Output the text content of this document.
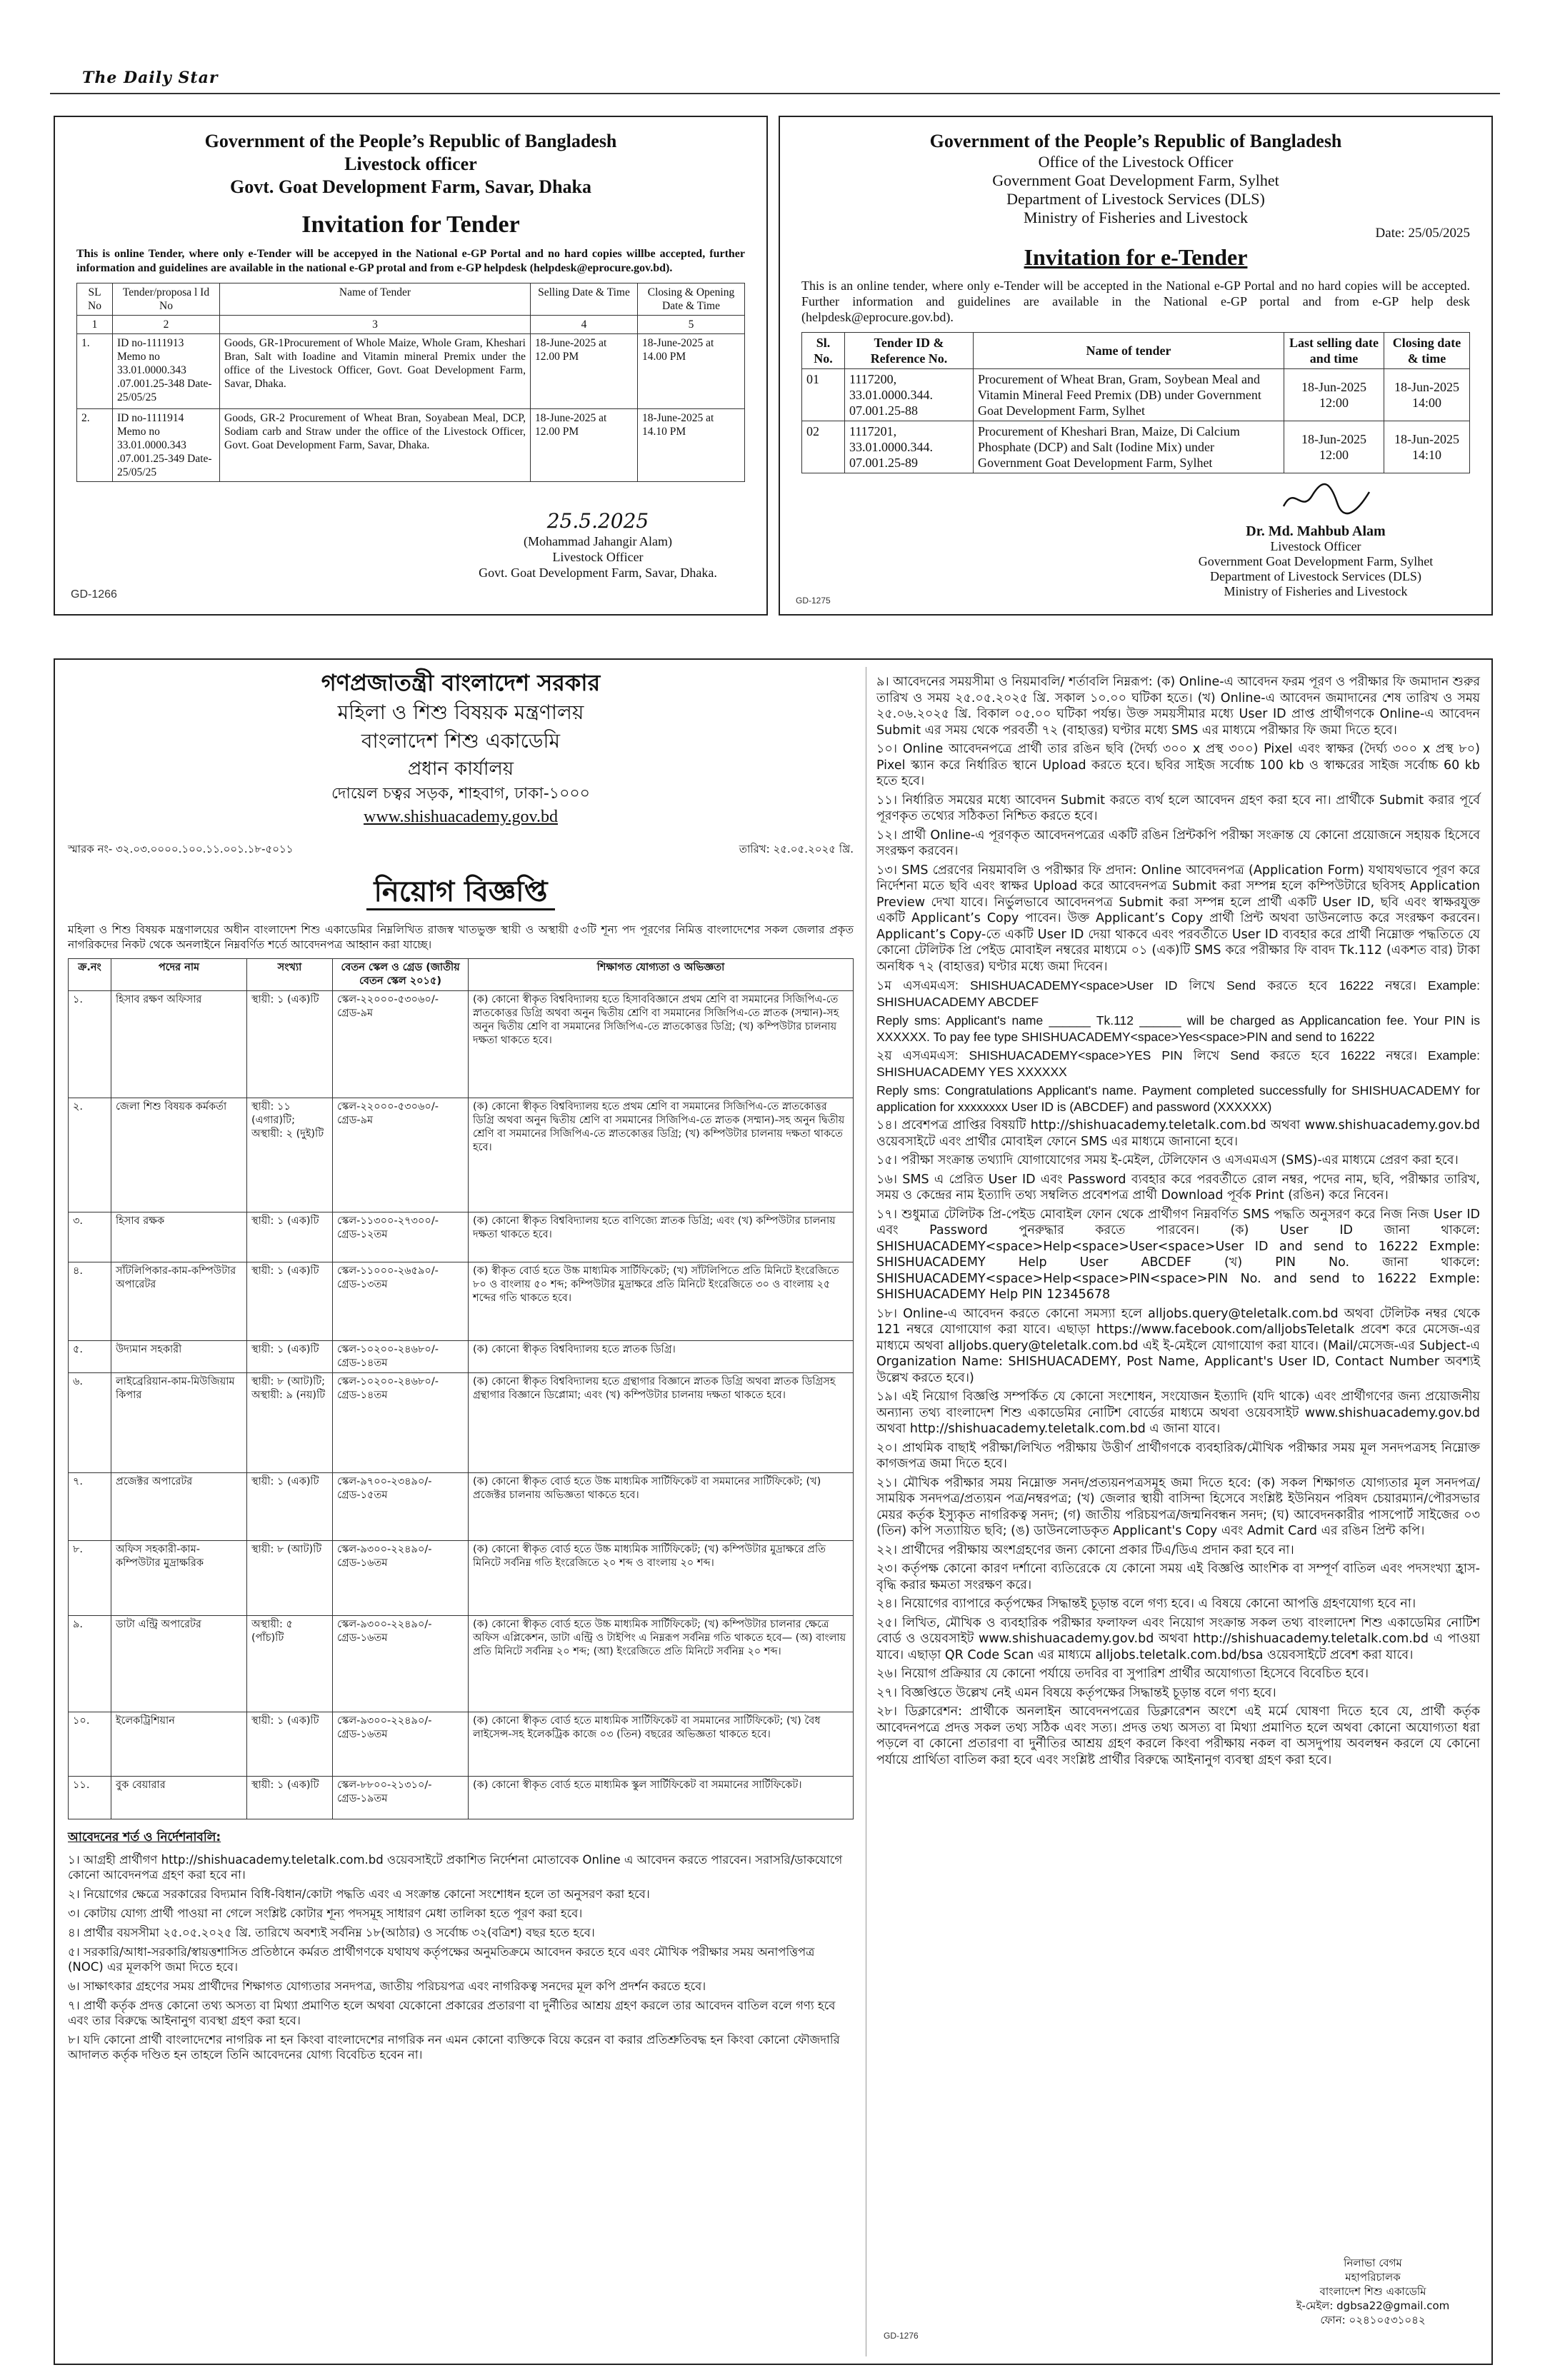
The Daily Star
Government of the People’s Republic of Bangladesh
Livestock officer
Govt. Goat Development Farm, Savar, Dhaka
Invitation for Tender
This is online Tender, where only e-Tender will be accepyed in the National e-GP Portal and no hard copies willbe accepted, further information and guidelines are available in the national e-GP protal and from e-GP helpdesk (helpdesk@eprocure.gov.bd).
SL No	Tender/proposa l Id No	Name of Tender	Selling Date & Time	Closing & Opening Date & Time
1	2	3	4	5
1.	ID no-1111913 Memo no 33.01.0000.343 .07.001.25-348 Date-25/05/25	Goods, GR-1Procurement of Whole Maize, Whole Gram, Kheshari Bran, Salt with Ioadine and Vitamin mineral Premix under the office of the Livestock Officer, Govt. Goat Development Farm, Savar, Dhaka.	18-June-2025 at 12.00 PM	18-June-2025 at 14.00 PM
2.	ID no-1111914 Memo no 33.01.0000.343 .07.001.25-349 Date-25/05/25	Goods, GR-2 Procurement of Wheat Bran, Soyabean Meal, DCP, Sodiam carb and Straw under the office of the Livestock Officer, Govt. Goat Development Farm, Savar, Dhaka.	18-June-2025 at 12.00 PM	18-June-2025 at 14.10 PM
25.5.2025
(Mohammad Jahangir Alam)
Livestock Officer
Govt. Goat Development Farm, Savar, Dhaka.
GD-1266
Government of the People’s Republic of Bangladesh
Office of the Livestock Officer
Government Goat Development Farm, Sylhet
Department of Livestock Services (DLS)
Ministry of Fisheries and Livestock
Date: 25/05/2025
Invitation for e-Tender
This is an online tender, where only e-Tender will be accepted in the National e-GP Portal and no hard copies will be accepted. Further information and guidelines are available in the National e-GP portal and from e-GP help desk (helpdesk@eprocure.gov.bd).
Sl. No.	Tender ID & Reference No.	Name of tender	Last selling date and time	Closing date & time
01	1117200, 33.01.0000.344. 07.001.25-88	Procurement of Wheat Bran, Gram, Soybean Meal and Vitamin Mineral Feed Premix (DB) under Government Goat Development Farm, Sylhet	18-Jun-2025 12:00	18-Jun-2025 14:00
02	1117201, 33.01.0000.344. 07.001.25-89	Procurement of Kheshari Bran, Maize, Di Calcium Phosphate (DCP) and Salt (Iodine Mix) under Government Goat Development Farm, Sylhet	18-Jun-2025 12:00	18-Jun-2025 14:10
Dr. Md. Mahbub Alam
Livestock Officer
Government Goat Development Farm, Sylhet
Department of Livestock Services (DLS)
Ministry of Fisheries and Livestock
GD-1275
গণপ্রজাতন্ত্রী বাংলাদেশ সরকার
মহিলা ও শিশু বিষয়ক মন্ত্রণালয়
বাংলাদেশ শিশু একাডেমি
প্রধান কার্যালয়
দোয়েল চত্বর সড়ক, শাহবাগ, ঢাকা-১০০০
www.shishuacademy.gov.bd
স্মারক নং- ৩২.০৩.০০০০.১০০.১১.০০১.১৮-৫০১১	তারিখ: ২৫.০৫.২০২৫ খ্রি.
নিয়োগ বিজ্ঞপ্তি
মহিলা ও শিশু বিষয়ক মন্ত্রণালয়ের অধীন বাংলাদেশ শিশু একাডেমির নিম্নলিখিত রাজস্ব খাতভুক্ত স্থায়ী ও অস্থায়ী ৫৩টি শূন্য পদ পূরণের নিমিত্ত বাংলাদেশের সকল জেলার প্রকৃত নাগরিকদের নিকট থেকে অনলাইনে নিম্নবর্ণিত শর্তে আবেদনপত্র আহ্বান করা যাচ্ছে।
ক্র.নং	পদের নাম	সংখ্যা	বেতন স্কেল ও গ্রেড (জাতীয় বেতন স্কেল ২০১৫)	শিক্ষাগত যোগ্যতা ও অভিজ্ঞতা
১.	হিসাব রক্ষণ অফিসার	স্থায়ী: ১ (এক)টি	স্কেল-২২০০০-৫৩০৬০/- গ্রেড-৯ম	(ক) কোনো স্বীকৃত বিশ্ববিদ্যালয় হতে হিসাববিজ্ঞানে প্রথম শ্রেণি বা সমমানের সিজিপিএ-তে স্নাতকোত্তর ডিগ্রি অথবা অনুন দ্বিতীয় শ্রেণি বা সমমানের সিজিপিএ-তে স্নাতক (সম্মান)-সহ অনুন দ্বিতীয় শ্রেণি বা সমমানের সিজিপিএ-তে স্নাতকোত্তর ডিগ্রি; (খ) কম্পিউটার চালনায় দক্ষতা থাকতে হবে।
২.	জেলা শিশু বিষয়ক কর্মকর্তা	স্থায়ী: ১১ (এগার)টি; অস্থায়ী: ২ (দুই)টি	স্কেল-২২০০০-৫৩০৬০/- গ্রেড-৯ম	(ক) কোনো স্বীকৃত বিশ্ববিদ্যালয় হতে প্রথম শ্রেণি বা সমমানের সিজিপিএ-তে স্নাতকোত্তর ডিগ্রি অথবা অনুন দ্বিতীয় শ্রেণি বা সমমানের সিজিপিএ-তে স্নাতক (সম্মান)-সহ অনুন দ্বিতীয় শ্রেণি বা সমমানের সিজিপিএ-তে স্নাতকোত্তর ডিগ্রি; (খ) কম্পিউটার চালনায় দক্ষতা থাকতে হবে।
৩.	হিসাব রক্ষক	স্থায়ী: ১ (এক)টি	স্কেল-১১৩০০-২৭৩০০/- গ্রেড-১২তম	(ক) কোনো স্বীকৃত বিশ্ববিদ্যালয় হতে বাণিজ্যে স্নাতক ডিগ্রি; এবং (খ) কম্পিউটার চালনায় দক্ষতা থাকতে হবে।
৪.	সাঁটলিপিকার-কাম-কম্পিউটার অপারেটর	স্থায়ী: ১ (এক)টি	স্কেল-১১০০০-২৬৫৯০/- গ্রেড-১৩তম	(ক) স্বীকৃত বোর্ড হতে উচ্চ মাধ্যমিক সার্টিফিকেট; (খ) সাঁটলিপিতে প্রতি মিনিটে ইংরেজিতে ৮০ ও বাংলায় ৫০ শব্দ; কম্পিউটার মুদ্রাক্ষরে প্রতি মিনিটে ইংরেজিতে ৩০ ও বাংলায় ২৫ শব্দের গতি থাকতে হবে।
৫.	উদ্যমান সহকারী	স্থায়ী: ১ (এক)টি	স্কেল-১০২০০-২৪৬৮০/- গ্রেড-১৪তম	(ক) কোনো স্বীকৃত বিশ্ববিদ্যালয় হতে স্নাতক ডিগ্রি।
৬.	লাইব্রেরিয়ান-কাম-মিউজিয়াম কিপার	স্থায়ী: ৮ (আট)টি; অস্থায়ী: ৯ (নয়)টি	স্কেল-১০২০০-২৪৬৮০/- গ্রেড-১৪তম	(ক) কোনো স্বীকৃত বিশ্ববিদ্যালয় হতে গ্রন্থাগার বিজ্ঞানে স্নাতক ডিগ্রি অথবা স্নাতক ডিগ্রিসহ গ্রন্থাগার বিজ্ঞানে ডিপ্লোমা; এবং (খ) কম্পিউটার চালনায় দক্ষতা থাকতে হবে।
৭.	প্রজেক্টর অপারেটর	স্থায়ী: ১ (এক)টি	স্কেল-৯৭০০-২৩৪৯০/- গ্রেড-১৫তম	(ক) কোনো স্বীকৃত বোর্ড হতে উচ্চ মাধ্যমিক সার্টিফিকেট বা সমমানের সার্টিফিকেট; (খ) প্রজেক্টর চালনায় অভিজ্ঞতা থাকতে হবে।
৮.	অফিস সহকারী-কাম-কম্পিউটার মুদ্রাক্ষরিক	স্থায়ী: ৮ (আট)টি	স্কেল-৯৩০০-২২৪৯০/- গ্রেড-১৬তম	(ক) কোনো স্বীকৃত বোর্ড হতে উচ্চ মাধ্যমিক সার্টিফিকেট; (খ) কম্পিউটার মুদ্রাক্ষরে প্রতি মিনিটে সর্বনিম্ন গতি ইংরেজিতে ২০ শব্দ ও বাংলায় ২০ শব্দ।
৯.	ডাটা এন্ট্রি অপারেটর	অস্থায়ী: ৫ (পাঁচ)টি	স্কেল-৯৩০০-২২৪৯০/- গ্রেড-১৬তম	(ক) কোনো স্বীকৃত বোর্ড হতে উচ্চ মাধ্যমিক সার্টিফিকেট; (খ) কম্পিউটার চালনার ক্ষেত্রে অফিস এপ্লিকেশন, ডাটা এন্ট্রি ও টাইপিং এ নিম্নরূপ সর্বনিম্ন গতি থাকতে হবে— (অ) বাংলায় প্রতি মিনিটে সর্বনিম্ন ২০ শব্দ; (আ) ইংরেজিতে প্রতি মিনিটে সর্বনিম্ন ২০ শব্দ।
১০.	ইলেকট্রিশিয়ান	স্থায়ী: ১ (এক)টি	স্কেল-৯৩০০-২২৪৯০/- গ্রেড-১৬তম	(ক) কোনো স্বীকৃত বোর্ড হতে মাধ্যমিক সার্টিফিকেট বা সমমানের সার্টিফিকেট; (খ) বৈধ লাইসেন্স-সহ ইলেকট্রিক কাজে ০৩ (তিন) বছরের অভিজ্ঞতা থাকতে হবে।
১১.	বুক বেয়ারার	স্থায়ী: ১ (এক)টি	স্কেল-৮৮০০-২১৩১০/- গ্রেড-১৯তম	(ক) কোনো স্বীকৃত বোর্ড হতে মাধ্যমিক স্কুল সার্টিফিকেট বা সমমানের সার্টিফিকেট।
আবেদনের শর্ত ও নির্দেশনাবলি:

১। আগ্রহী প্রার্থীগণ http://shishuacademy.teletalk.com.bd ওয়েবসাইটে প্রকাশিত নির্দেশনা মোতাবেক Online এ আবেদন করতে পারবেন। সরাসরি/ডাকযোগে কোনো আবেদনপত্র গ্রহণ করা হবে না।

২। নিয়োগের ক্ষেত্রে সরকারের বিদ্যমান বিধি-বিধান/কোটা পদ্ধতি এবং এ সংক্রান্ত কোনো সংশোধন হলে তা অনুসরণ করা হবে।

৩। কোটায় যোগ্য প্রার্থী পাওয়া না গেলে সংশ্লিষ্ট কোটার শূন্য পদসমূহ সাধারণ মেধা তালিকা হতে পূরণ করা হবে।

৪। প্রার্থীর বয়সসীমা ২৫.০৫.২০২৫ খ্রি. তারিখে অবশ্যই সর্বনিম্ন ১৮(আঠার) ও সর্বোচ্চ ৩২(বত্রিশ) বছর হতে হবে।

৫। সরকারি/আধা-সরকারি/স্বায়ত্তশাসিত প্রতিষ্ঠানে কর্মরত প্রার্থীগণকে যথাযথ কর্তৃপক্ষের অনুমতিক্রমে আবেদন করতে হবে এবং মৌখিক পরীক্ষার সময় অনাপত্তিপত্র (NOC) এর মূলকপি জমা দিতে হবে।

৬। সাক্ষাৎকার গ্রহণের সময় প্রার্থীদের শিক্ষাগত যোগ্যতার সনদপত্র, জাতীয় পরিচয়পত্র এবং নাগরিকত্ব সনদের মূল কপি প্রদর্শন করতে হবে।

৭। প্রার্থী কর্তৃক প্রদত্ত কোনো তথ্য অসত্য বা মিথ্যা প্রমাণিত হলে অথবা যেকোনো প্রকারের প্রতারণা বা দুর্নীতির আশ্রয় গ্রহণ করলে তার আবেদন বাতিল বলে গণ্য হবে এবং তার বিরুদ্ধে আইনানুগ ব্যবস্থা গ্রহণ করা হবে।

৮। যদি কোনো প্রার্থী বাংলাদেশের নাগরিক না হন কিংবা বাংলাদেশের নাগরিক নন এমন কোনো ব্যক্তিকে বিয়ে করেন বা করার প্রতিশ্রুতিবদ্ধ হন কিংবা কোনো ফৌজদারি আদালত কর্তৃক দণ্ডিত হন তাহলে তিনি আবেদনের যোগ্য বিবেচিত হবেন না।

৯। আবেদনের সময়সীমা ও নিয়মাবলি/ শর্তাবলি নিম্নরূপ: (ক) Online-এ আবেদন ফরম পূরণ ও পরীক্ষার ফি জমাদান শুরুর তারিখ ও সময় ২৫.০৫.২০২৫ খ্রি. সকাল ১০.০০ ঘটিকা হতে। (খ) Online-এ আবেদন জমাদানের শেষ তারিখ ও সময় ২৫.০৬.২০২৫ খ্রি. বিকাল ০৫.০০ ঘটিকা পর্যন্ত। উক্ত সময়সীমার মধ্যে User ID প্রাপ্ত প্রার্থীগণকে Online-এ আবেদন Submit এর সময় থেকে পরবর্তী ৭২ (বাহাত্তর) ঘণ্টার মধ্যে SMS এর মাধ্যমে পরীক্ষার ফি জমা দিতে হবে।

১০। Online আবেদনপত্রে প্রার্থী তার রঙিন ছবি (দৈর্ঘ্য ৩০০ x প্রস্থ ৩০০) Pixel এবং স্বাক্ষর (দৈর্ঘ্য ৩০০ x প্রস্থ ৮০) Pixel স্ক্যান করে নির্ধারিত স্থানে Upload করতে হবে। ছবির সাইজ সর্বোচ্চ 100 kb ও স্বাক্ষরের সাইজ সর্বোচ্চ 60 kb হতে হবে।

১১। নির্ধারিত সময়ের মধ্যে আবেদন Submit করতে ব্যর্থ হলে আবেদন গ্রহণ করা হবে না। প্রার্থীকে Submit করার পূর্বে পূরণকৃত তথ্যের সঠিকতা নিশ্চিত করতে হবে।

১২। প্রার্থী Online-এ পূরণকৃত আবেদনপত্রের একটি রঙিন প্রিন্টকপি পরীক্ষা সংক্রান্ত যে কোনো প্রয়োজনে সহায়ক হিসেবে সংরক্ষণ করবেন।

১৩। SMS প্রেরণের নিয়মাবলি ও পরীক্ষার ফি প্রদান: Online আবেদনপত্র (Application Form) যথাযথভাবে পূরণ করে নির্দেশনা মতে ছবি এবং স্বাক্ষর Upload করে আবেদনপত্র Submit করা সম্পন্ন হলে কম্পিউটারে ছবিসহ Application Preview দেখা যাবে। নির্ভুলভাবে আবেদনপত্র Submit করা সম্পন্ন হলে প্রার্থী একটি User ID, ছবি এবং স্বাক্ষরযুক্ত একটি Applicant’s Copy পাবেন। উক্ত Applicant’s Copy প্রার্থী প্রিন্ট অথবা ডাউনলোড করে সংরক্ষণ করবেন। Applicant’s Copy-তে একটি User ID দেয়া থাকবে এবং পরবর্তীতে User ID ব্যবহার করে প্রার্থী নিম্নোক্ত পদ্ধতিতে যে কোনো টেলিটক প্রি পেইড মোবাইল নম্বরের মাধ্যমে ০১ (এক)টি SMS করে পরীক্ষার ফি বাবদ Tk.112 (একশত বার) টাকা অনধিক ৭২ (বাহাত্তর) ঘণ্টার মধ্যে জমা দিবেন।

১ম এসএমএস: SHISHUACADEMY<space>User ID লিখে Send করতে হবে 16222 নম্বরে। Example: SHISHUACADEMY ABCDEF

Reply sms: Applicant's name ______ Tk.112 ______ will be charged as Applicancation fee. Your PIN is XXXXXX. To pay fee type SHISHUACADEMY<space>Yes<space>PIN and send to 16222

২য় এসএমএস: SHISHUACADEMY<space>YES PIN লিখে Send করতে হবে 16222 নম্বরে। Example: SHISHUACADEMY YES XXXXXX

Reply sms: Congratulations Applicant's name. Payment completed successfully for SHISHUACADEMY for application for xxxxxxxx User ID is (ABCDEF) and password (XXXXXX)

১৪। প্রবেশপত্র প্রাপ্তির বিষয়টি http://shishuacademy.teletalk.com.bd অথবা www.shishuacademy.gov.bd ওয়েবসাইটে এবং প্রার্থীর মোবাইল ফোনে SMS এর মাধ্যমে জানানো হবে।

১৫। পরীক্ষা সংক্রান্ত তথ্যাদি যোগাযোগের সময় ই-মেইল, টেলিফোন ও এসএমএস (SMS)-এর মাধ্যমে প্রেরণ করা হবে।

১৬। SMS এ প্রেরিত User ID এবং Password ব্যবহার করে পরবর্তীতে রোল নম্বর, পদের নাম, ছবি, পরীক্ষার তারিখ, সময় ও কেন্দ্রের নাম ইত্যাদি তথ্য সম্বলিত প্রবেশপত্র প্রার্থী Download পূর্বক Print (রঙিন) করে নিবেন।

১৭। শুধুমাত্র টেলিটক প্রি-পেইড মোবাইল ফোন থেকে প্রার্থীগণ নিম্নবর্ণিত SMS পদ্ধতি অনুসরণ করে নিজ নিজ User ID এবং Password পুনরুদ্ধার করতে পারবেন। (ক) User ID জানা থাকলে: SHISHUACADEMY<space>Help<space>User<space>User ID and send to 16222 Exmple: SHISHUACADEMY Help User ABCDEF (খ) PIN No. জানা থাকলে: SHISHUACADEMY<space>Help<space>PIN<space>PIN No. and send to 16222 Exmple: SHISHUACADEMY Help PIN 12345678

১৮। Online-এ আবেদন করতে কোনো সমস্যা হলে alljobs.query@teletalk.com.bd অথবা টেলিটক নম্বর থেকে 121 নম্বরে যোগাযোগ করা যাবে। এছাড়া https://www.facebook.com/alljobsTeletalk প্রবেশ করে মেসেজ-এর মাধ্যমে অথবা alljobs.query@teletalk.com.bd এই ই-মেইলে যোগাযোগ করা যাবে। (Mail/মেসেজ-এর Subject-এ Organization Name: SHISHUACADEMY, Post Name, Applicant's User ID, Contact Number অবশ্যই উল্লেখ করতে হবে।)

১৯। এই নিয়োগ বিজ্ঞপ্তি সম্পর্কিত যে কোনো সংশোধন, সংযোজন ইত্যাদি (যদি থাকে) এবং প্রার্থীগণের জন্য প্রয়োজনীয় অন্যান্য তথ্য বাংলাদেশ শিশু একাডেমির নোটিশ বোর্ডের মাধ্যমে অথবা ওয়েবসাইট www.shishuacademy.gov.bd অথবা http://shishuacademy.teletalk.com.bd এ জানা যাবে।

২০। প্রাথমিক বাছাই পরীক্ষা/লিখিত পরীক্ষায় উত্তীর্ণ প্রার্থীগণকে ব্যবহারিক/মৌখিক পরীক্ষার সময় মূল সনদপত্রসহ নিম্নোক্ত কাগজপত্র জমা দিতে হবে।

২১। মৌখিক পরীক্ষার সময় নিম্নোক্ত সনদ/প্রত্যয়নপত্রসমূহ জমা দিতে হবে: (ক) সকল শিক্ষাগত যোগ্যতার মূল সনদপত্র/সাময়িক সনদপত্র/প্রত্যয়ন পত্র/নম্বরপত্র; (খ) জেলার স্থায়ী বাসিন্দা হিসেবে সংশ্লিষ্ট ইউনিয়ন পরিষদ চেয়ারম্যান/পৌরসভার মেয়র কর্তৃক ইস্যুকৃত নাগরিকত্ব সনদ; (গ) জাতীয় পরিচয়পত্র/জন্মনিবন্ধন সনদ; (ঘ) আবেদনকারীর পাসপোর্ট সাইজের ০৩ (তিন) কপি সত্যায়িত ছবি; (ঙ) ডাউনলোডকৃত Applicant's Copy এবং Admit Card এর রঙিন প্রিন্ট কপি।

২২। প্রার্থীদের পরীক্ষায় অংশগ্রহণের জন্য কোনো প্রকার টিএ/ডিএ প্রদান করা হবে না।

২৩। কর্তৃপক্ষ কোনো কারণ দর্শানো ব্যতিরেকে যে কোনো সময় এই বিজ্ঞপ্তি আংশিক বা সম্পূর্ণ বাতিল এবং পদসংখ্যা হ্রাস-বৃদ্ধি করার ক্ষমতা সংরক্ষণ করে।

২৪। নিয়োগের ব্যাপারে কর্তৃপক্ষের সিদ্ধান্তই চূড়ান্ত বলে গণ্য হবে। এ বিষয়ে কোনো আপত্তি গ্রহণযোগ্য হবে না।

২৫। লিখিত, মৌখিক ও ব্যবহারিক পরীক্ষার ফলাফল এবং নিয়োগ সংক্রান্ত সকল তথ্য বাংলাদেশ শিশু একাডেমির নোটিশ বোর্ড ও ওয়েবসাইট www.shishuacademy.gov.bd অথবা http://shishuacademy.teletalk.com.bd এ পাওয়া যাবে। এছাড়া QR Code Scan এর মাধ্যমে alljobs.teletalk.com.bd/bsa ওয়েবসাইটে প্রবেশ করা যাবে।

২৬। নিয়োগ প্রক্রিয়ার যে কোনো পর্যায়ে তদবির বা সুপারিশ প্রার্থীর অযোগ্যতা হিসেবে বিবেচিত হবে।

২৭। বিজ্ঞপ্তিতে উল্লেখ নেই এমন বিষয়ে কর্তৃপক্ষের সিদ্ধান্তই চূড়ান্ত বলে গণ্য হবে।

২৮। ডিক্লারেশন: প্রার্থীকে অনলাইন আবেদনপত্রের ডিক্লারেশন অংশে এই মর্মে ঘোষণা দিতে হবে যে, প্রার্থী কর্তৃক আবেদনপত্রে প্রদত্ত সকল তথ্য সঠিক এবং সত্য। প্রদত্ত তথ্য অসত্য বা মিথ্যা প্রমাণিত হলে অথবা কোনো অযোগ্যতা ধরা পড়লে বা কোনো প্রতারণা বা দুর্নীতির আশ্রয় গ্রহণ করলে কিংবা পরীক্ষায় নকল বা অসদুপায় অবলম্বন করলে যে কোনো পর্যায়ে প্রার্থিতা বাতিল করা হবে এবং সংশ্লিষ্ট প্রার্থীর বিরুদ্ধে আইনানুগ ব্যবস্থা গ্রহণ করা হবে।

নিলাভা বেগম
মহাপরিচালক
বাংলাদেশ শিশু একাডেমি
ই-মেইল: dgbsa22@gmail.com
ফোন: ০২৪১০৫৩১০৪২
GD-1276
